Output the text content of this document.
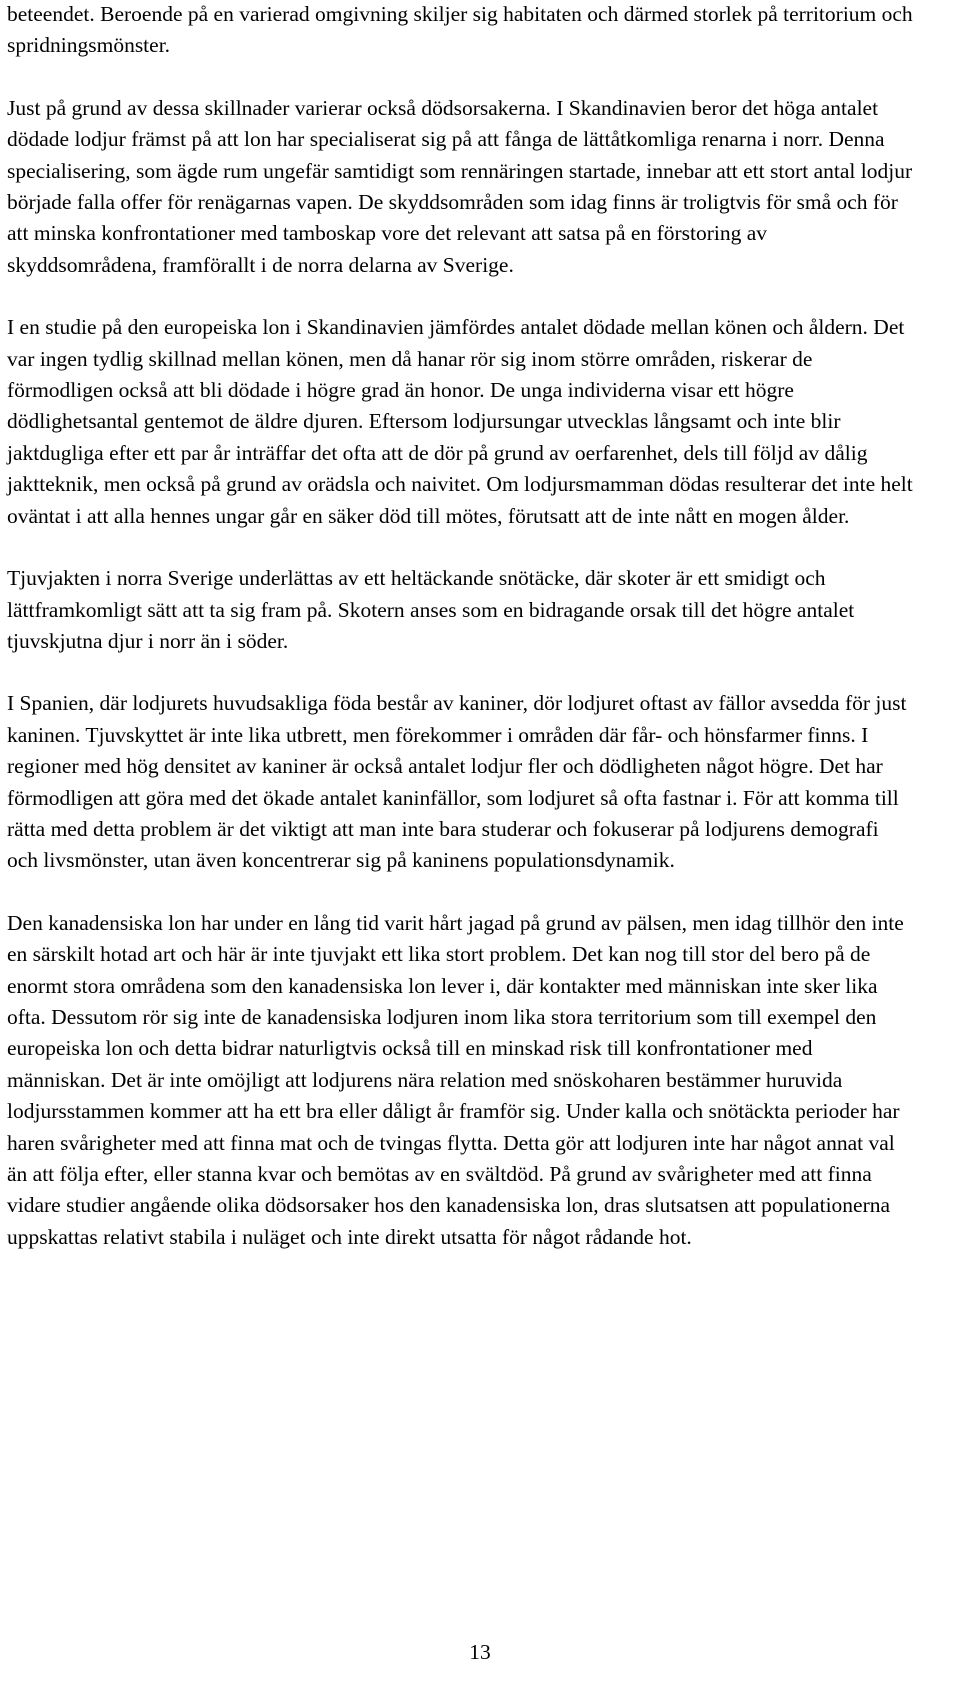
beteendet. Beroende på en varierad omgivning skiljer sig habitaten och därmed storlek på territorium och spridningsmönster.

Just på grund av dessa skillnader varierar också dödsorsakerna. I Skandinavien beror det höga antalet dödade lodjur främst på att lon har specialiserat sig på att fånga de lättåtkomliga renarna i norr. Denna specialisering, som ägde rum ungefär samtidigt som rennäringen startade, innebar att ett stort antal lodjur började falla offer för renägarnas vapen. De skyddsområden som idag finns är troligtvis för små och för att minska konfrontationer med tamboskap vore det relevant att satsa på en förstoring av skyddsområdena, framförallt i de norra delarna av Sverige.

I en studie på den europeiska lon i Skandinavien jämfördes antalet dödade mellan könen och åldern. Det var ingen tydlig skillnad mellan könen, men då hanar rör sig inom större områden, riskerar de förmodligen också att bli dödade i högre grad än honor. De unga individerna visar ett högre dödlighetsantal gentemot de äldre djuren. Eftersom lodjursungar utvecklas långsamt och inte blir jaktdugliga efter ett par år inträffar det ofta att de dör på grund av oerfarenhet, dels till följd av dålig jaktteknik, men också på grund av orädsla och naivitet. Om lodjursmamman dödas resulterar det inte helt oväntat i att alla hennes ungar går en säker död till mötes, förutsatt att de inte nått en mogen ålder.

Tjuvjakten i norra Sverige underlättas av ett heltäckande snötäcke, där skoter är ett smidigt och lättframkomligt sätt att ta sig fram på. Skotern anses som en bidragande orsak till det högre antalet tjuvskjutna djur i norr än i söder.

I Spanien, där lodjurets huvudsakliga föda består av kaniner, dör lodjuret oftast av fällor avsedda för just kaninen. Tjuvskyttet är inte lika utbrett, men förekommer i områden där får- och hönsfarmer finns. I regioner med hög densitet av kaniner är också antalet lodjur fler och dödligheten något högre. Det har förmodligen att göra med det ökade antalet kaninfällor, som lodjuret så ofta fastnar i. För att komma till rätta med detta problem är det viktigt att man inte bara studerar och fokuserar på lodjurens demografi och livsmönster, utan även koncentrerar sig på kaninens populationsdynamik.

Den kanadensiska lon har under en lång tid varit hårt jagad på grund av pälsen, men idag tillhör den inte en särskilt hotad art och här är inte tjuvjakt ett lika stort problem. Det kan nog till stor del bero på de enormt stora områdena som den kanadensiska lon lever i, där kontakter med människan inte sker lika ofta. Dessutom rör sig inte de kanadensiska lodjuren inom lika stora territorium som till exempel den europeiska lon och detta bidrar naturligtvis också till en minskad risk till konfrontationer med människan. Det är inte omöjligt att lodjurens nära relation med snöskoharen bestämmer huruvida lodjursstammen kommer att ha ett bra eller dåligt år framför sig. Under kalla och snötäckta perioder har haren svårigheter med att finna mat och de tvingas flytta. Detta gör att lodjuren inte har något annat val än att följa efter, eller stanna kvar och bemötas av en svältdöd. På grund av svårigheter med att finna vidare studier angående olika dödsorsaker hos den kanadensiska lon, dras slutsatsen att populationerna uppskattas relativt stabila i nuläget och inte direkt utsatta för något rådande hot.

13
